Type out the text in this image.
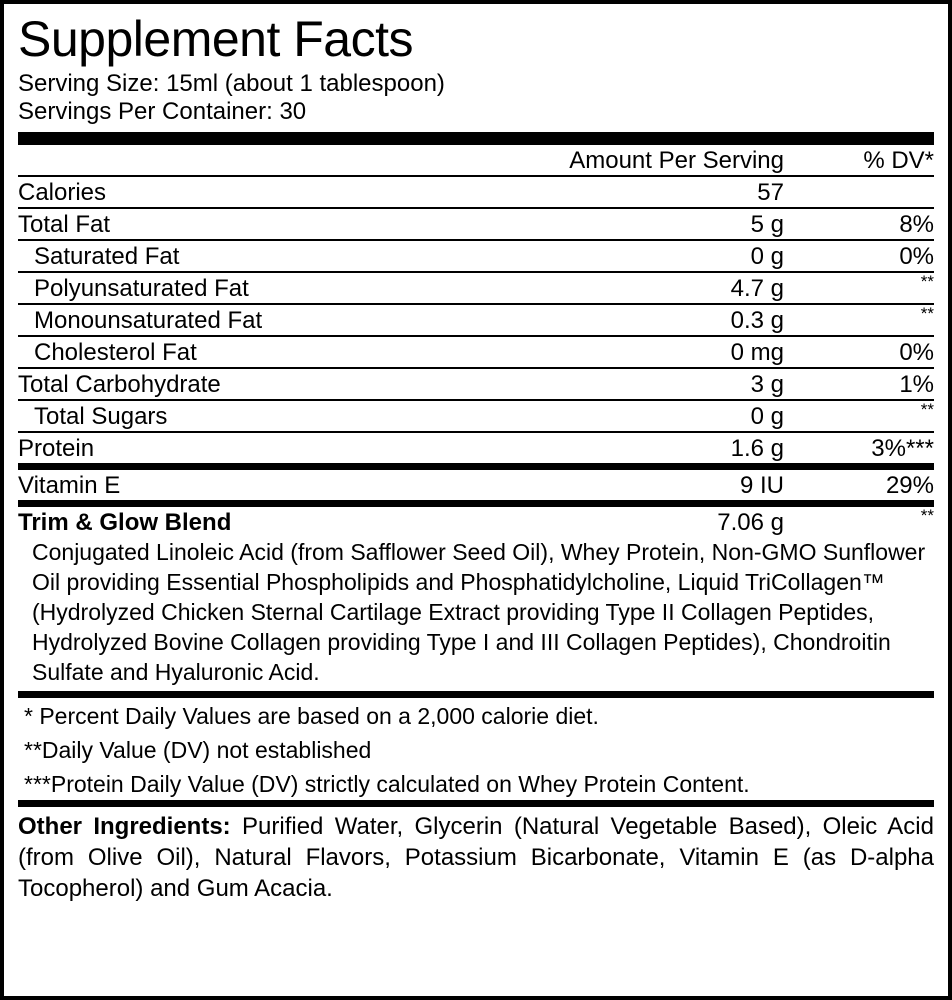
Supplement Facts
Serving Size: 15ml (about 1 tablespoon)
Servings Per Container: 30
	Amount Per Serving	% DV*
Calories	57	
Total Fat	5 g	8%
Saturated Fat	0 g	0%
Polyunsaturated Fat	4.7 g	**
Monounsaturated Fat	0.3 g	**
Cholesterol Fat	0 mg	0%
Total Carbohydrate	3 g	1%
Total Sugars	0 g	**
Protein	1.6 g	3%***
Vitamin E	9 IU	29%
Trim & Glow Blend	7.06 g	**
Conjugated Linoleic Acid (from Safflower Seed Oil), Whey Protein, Non-GMO Sunflower Oil providing Essential Phospholipids and Phosphatidylcholine, Liquid TriCollagen™ (Hydrolyzed Chicken Sternal Cartilage Extract providing Type II Collagen Peptides, Hydrolyzed Bovine Collagen providing Type I and III Collagen Peptides), Chondroitin Sulfate and Hyaluronic Acid.
* Percent Daily Values are based on a 2,000 calorie diet.
**Daily Value (DV) not established
***Protein Daily Value (DV) strictly calculated on Whey Protein Content.
Other Ingredients: Purified Water, Glycerin (Natural Vegetable Based), Oleic Acid (from Olive Oil), Natural Flavors, Potassium Bicarbonate, Vitamin E (as D-alpha Tocopherol) and Gum Acacia.
